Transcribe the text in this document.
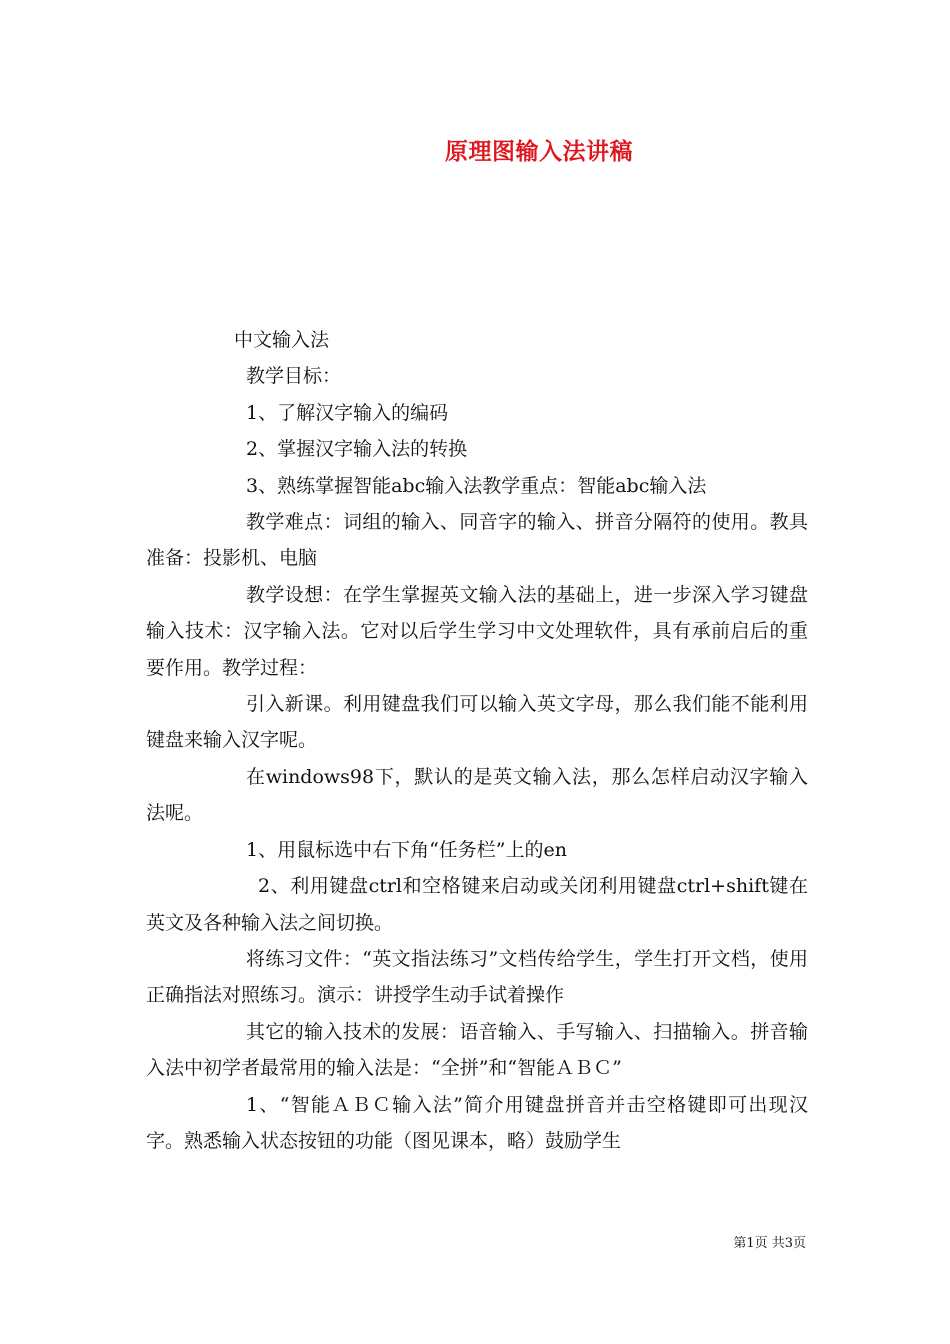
原理图输入法讲稿

中文输入法

教学目标：

1、了解汉字输入的编码

2、掌握汉字输入法的转换

3、熟练掌握智能abc输入法教学重点：智能abc输入法

教学难点：词组的输入、同音字的输入、拼音分隔符的使用。教具准备：投影机、电脑

教学设想：在学生掌握英文输入法的基础上，进一步深入学习键盘输入技术：汉字输入法。它对以后学生学习中文处理软件，具有承前启后的重要作用。教学过程：

引入新课。利用键盘我们可以输入英文字母，那么我们能不能利用键盘来输入汉字呢。

在windows98下，默认的是英文输入法，那么怎样启动汉字输入法呢。

1、用鼠标选中右下角“任务栏”上的en

2、利用键盘ctrl和空格键来启动或关闭利用键盘ctrl+shift键在英文及各种输入法之间切换。

将练习文件：“英文指法练习”文档传给学生，学生打开文档，使用正确指法对照练习。演示：讲授学生动手试着操作

其它的输入技术的发展：语音输入、手写输入、扫描输入。拼音输入法中初学者最常用的输入法是：“全拼”和“智能ＡＢＣ”

1、“智能ＡＢＣ输入法”简介用键盘拼音并击空格键即可出现汉字。熟悉输入状态按钮的功能（图见课本，略）鼓励学生

第1页 共3页
